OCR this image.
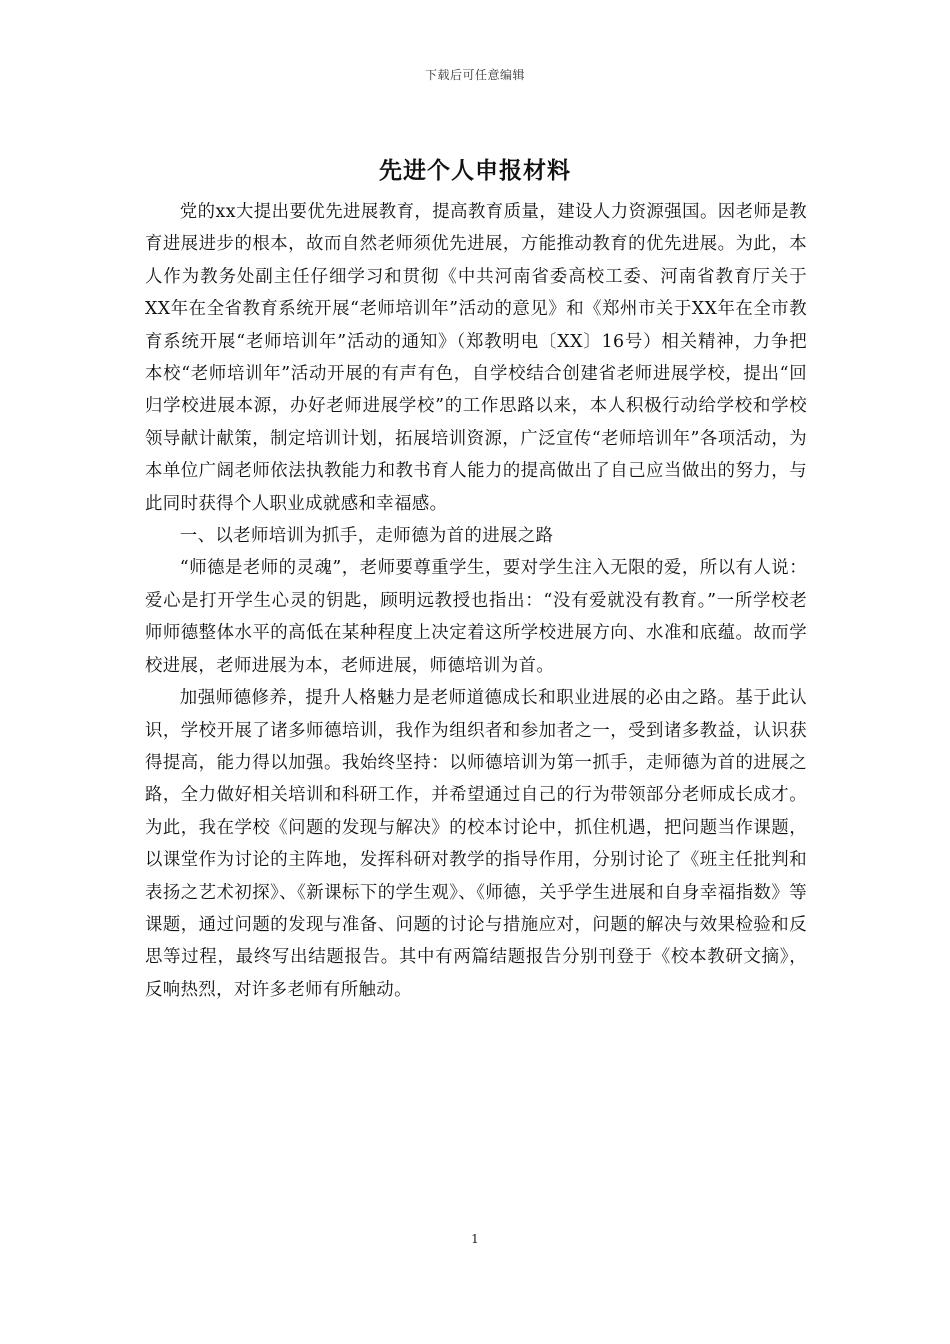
下载后可任意编辑
先进个人申报材料

党的xx大提出要优先进展教育，提高教育质量，建设人力资源强国。因老师是教育进展进步的根本，故而自然老师须优先进展，方能推动教育的优先进展。为此，本人作为教务处副主任仔细学习和贯彻《中共河南省委高校工委、河南省教育厅关于XX年在全省教育系统开展“老师培训年”活动的意见》和《郑州市关于XX年在全市教育系统开展“老师培训年”活动的通知》（郑教明电〔XX〕16号）相关精神，力争把本校“老师培训年”活动开展的有声有色，自学校结合创建省老师进展学校，提出“回归学校进展本源，办好老师进展学校”的工作思路以来，本人积极行动给学校和学校领导献计献策，制定培训计划，拓展培训资源，广泛宣传“老师培训年”各项活动，为本单位广阔老师依法执教能力和教书育人能力的提高做出了自己应当做出的努力，与此同时获得个人职业成就感和幸福感。

一、以老师培训为抓手，走师德为首的进展之路

“师德是老师的灵魂”，老师要尊重学生，要对学生注入无限的爱，所以有人说：爱心是打开学生心灵的钥匙，顾明远教授也指出：“没有爱就没有教育。”一所学校老师师德整体水平的高低在某种程度上决定着这所学校进展方向、水准和底蕴。故而学校进展，老师进展为本，老师进展，师德培训为首。

加强师德修养，提升人格魅力是老师道德成长和职业进展的必由之路。基于此认识，学校开展了诸多师德培训，我作为组织者和参加者之一，受到诸多教益，认识获得提高，能力得以加强。我始终坚持：以师德培训为第一抓手，走师德为首的进展之路，全力做好相关培训和科研工作，并希望通过自己的行为带领部分老师成长成才。为此，我在学校《问题的发现与解决》的校本讨论中，抓住机遇，把问题当作课题，以课堂作为讨论的主阵地，发挥科研对教学的指导作用，分别讨论了《班主任批判和表扬之艺术初探》、《新课标下的学生观》、《师德，关乎学生进展和自身幸福指数》等课题，通过问题的发现与准备、问题的讨论与措施应对，问题的解决与效果检验和反思等过程，最终写出结题报告。其中有两篇结题报告分别刊登于《校本教研文摘》，反响热烈，对许多老师有所触动。

1
